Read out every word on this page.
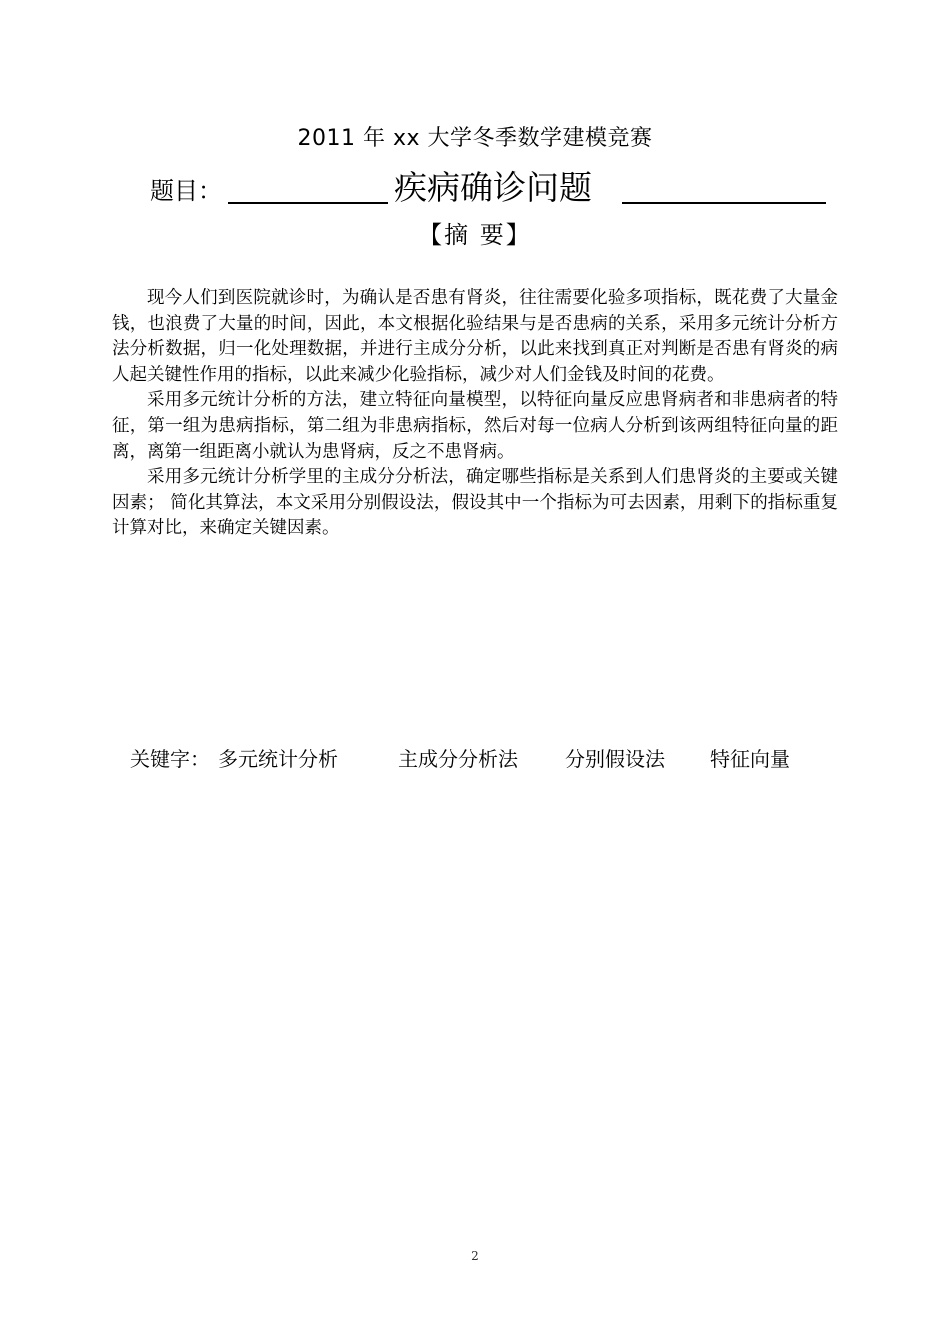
2011 年 xx 大学冬季数学建模竞赛
题目：	疾病确诊问题
【摘 要】

现今人们到医院就诊时，为确认是否患有肾炎，往往需要化验多项指标，既花费了大量金钱，也浪费了大量的时间，因此，本文根据化验结果与是否患病的关系，采用多元统计分析方法分析数据，归一化处理数据，并进行主成分分析，以此来找到真正对判断是否患有肾炎的病人起关键性作用的指标，以此来减少化验指标，减少对人们金钱及时间的花费。

采用多元统计分析的方法，建立特征向量模型，以特征向量反应患肾病者和非患病者的特征，第一组为患病指标，第二组为非患病指标，然后对每一位病人分析到该两组特征向量的距离，离第一组距离小就认为患肾病，反之不患肾病。

采用多元统计分析学里的主成分分析法，确定哪些指标是关系到人们患肾炎的主要或关键因素； 简化其算法，本文采用分别假设法，假设其中一个指标为可去因素，用剩下的指标重复计算对比，来确定关键因素。

关键字： 多元统计分析	主成分分析法 分别假设法 特征向量
2
